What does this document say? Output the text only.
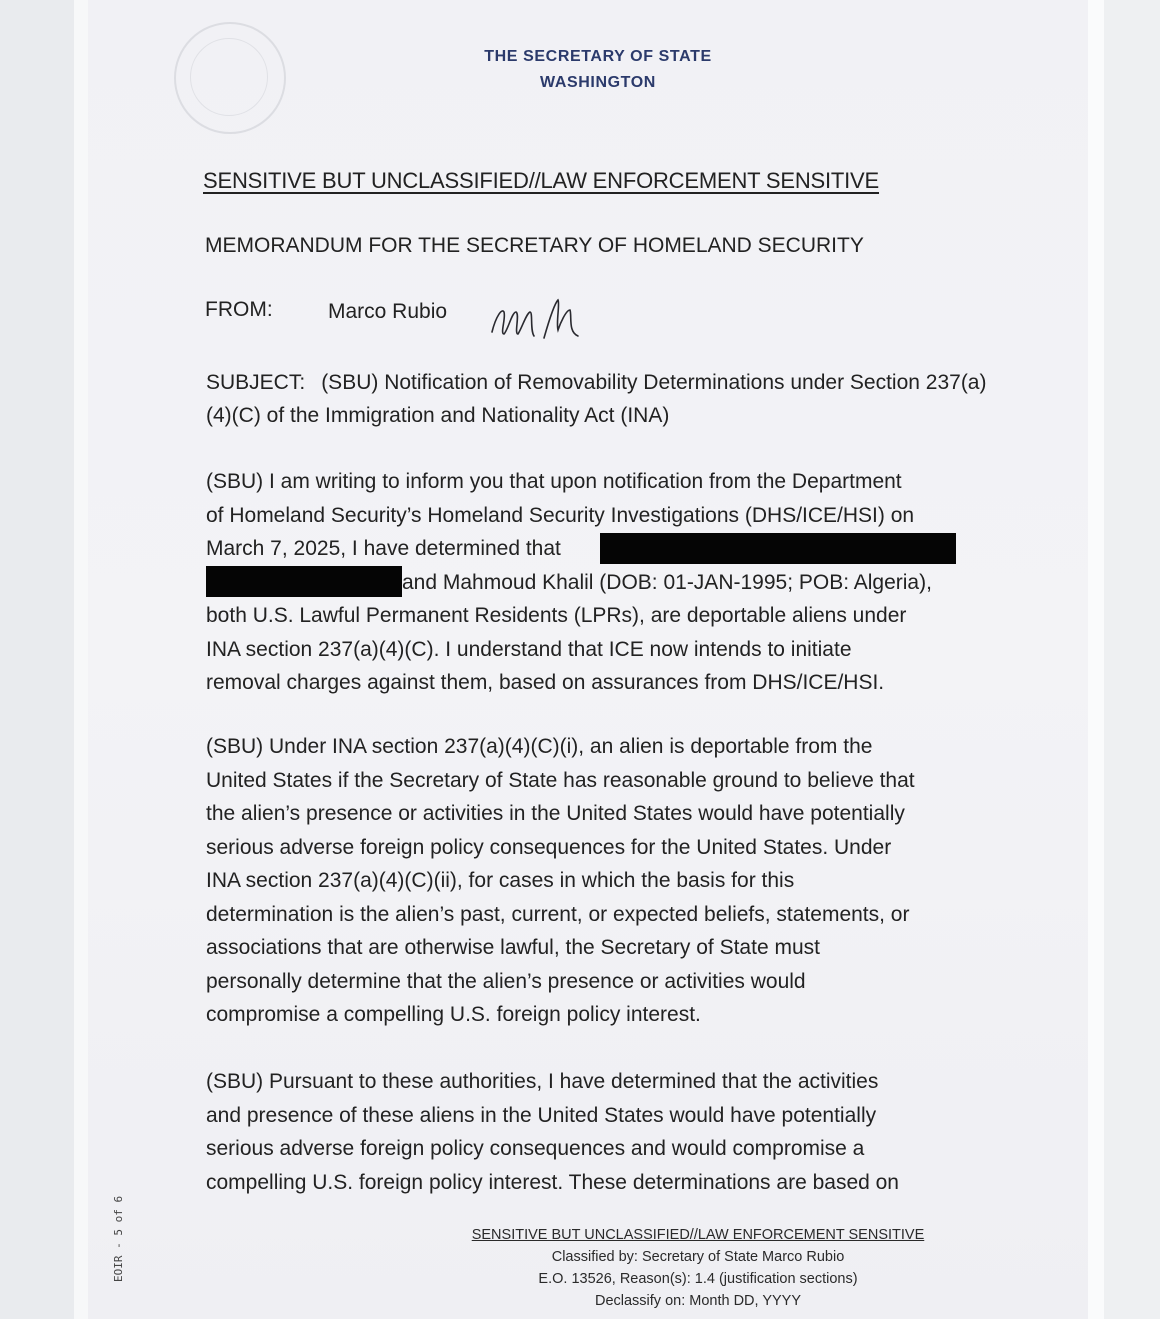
THE SECRETARY OF STATE
WASHINGTON
SENSITIVE BUT UNCLASSIFIED//LAW ENFORCEMENT SENSITIVE
MEMORANDUM FOR THE SECRETARY OF HOMELAND SECURITY
FROM:	Marco Rubio
SUBJECT: (SBU) Notification of Removability Determinations under Section 237(a)(4)(C) of the Immigration and Nationality Act (INA)
(SBU) I am writing to inform you that upon notification from the Department
of Homeland Security’s Homeland Security Investigations (DHS/ICE/HSI) on
March 7, 2025, I have determined that
and Mahmoud Khalil (DOB: 01-JAN-1995; POB: Algeria),
both U.S. Lawful Permanent Residents (LPRs), are deportable aliens under
INA section 237(a)(4)(C). I understand that ICE now intends to initiate
removal charges against them, based on assurances from DHS/ICE/HSI.
(SBU) Under INA section 237(a)(4)(C)(i), an alien is deportable from the
United States if the Secretary of State has reasonable ground to believe that
the alien’s presence or activities in the United States would have potentially
serious adverse foreign policy consequences for the United States. Under
INA section 237(a)(4)(C)(ii), for cases in which the basis for this
determination is the alien’s past, current, or expected beliefs, statements, or
associations that are otherwise lawful, the Secretary of State must
personally determine that the alien’s presence or activities would
compromise a compelling U.S. foreign policy interest.
(SBU) Pursuant to these authorities, I have determined that the activities
and presence of these aliens in the United States would have potentially
serious adverse foreign policy consequences and would compromise a
compelling U.S. foreign policy interest. These determinations are based on
SENSITIVE BUT UNCLASSIFIED//LAW ENFORCEMENT SENSITIVE
Classified by: Secretary of State Marco Rubio
E.O. 13526, Reason(s): 1.4 (justification sections)
Declassify on: Month DD, YYYY
EOIR - 5 of 6
